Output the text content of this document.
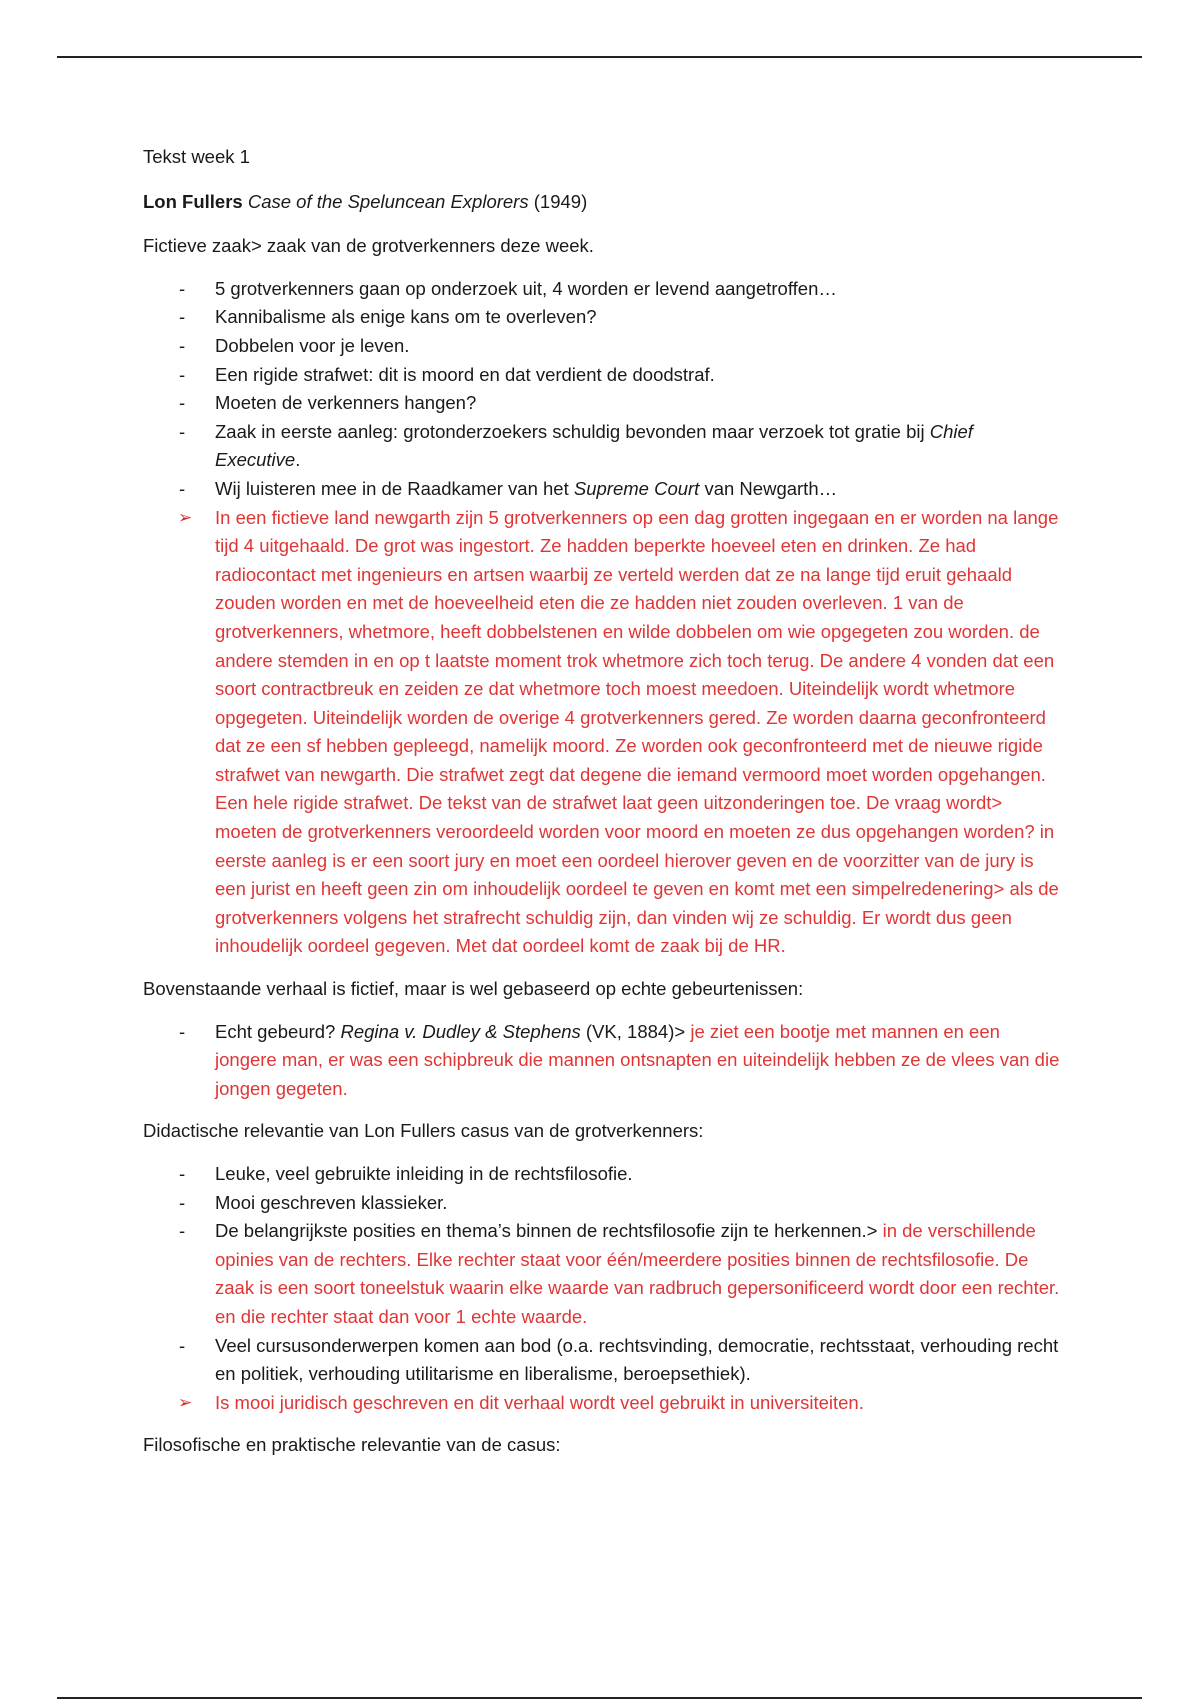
Tekst week 1

Lon Fullers Case of the Speluncean Explorers (1949)

Fictieve zaak> zaak van de grotverkenners deze week.

-	5 grotverkenners gaan op onderzoek uit, 4 worden er levend aangetroffen…
-	Kannibalisme als enige kans om te overleven?
-	Dobbelen voor je leven.
-	Een rigide strafwet: dit is moord en dat verdient de doodstraf.
-	Moeten de verkenners hangen?
-	Zaak in eerste aanleg: grotonderzoekers schuldig bevonden maar verzoek tot gratie bij Chief Executive.
-	Wij luisteren mee in de Raadkamer van het Supreme Court van Newgarth…
➢	In een fictieve land newgarth zijn 5 grotverkenners op een dag grotten ingegaan en er worden na lange tijd 4 uitgehaald. De grot was ingestort. Ze hadden beperkte hoeveel eten en drinken. Ze had radiocontact met ingenieurs en artsen waarbij ze verteld werden dat ze na lange tijd eruit gehaald zouden worden en met de hoeveelheid eten die ze hadden niet zouden overleven. 1 van de grotverkenners, whetmore, heeft dobbelstenen en wilde dobbelen om wie opgegeten zou worden. de andere stemden in en op t laatste moment trok whetmore zich toch terug. De andere 4 vonden dat een soort contractbreuk en zeiden ze dat whetmore toch moest meedoen. Uiteindelijk wordt whetmore opgegeten. Uiteindelijk worden de overige 4 grotverkenners gered. Ze worden daarna geconfronteerd dat ze een sf hebben gepleegd, namelijk moord. Ze worden ook geconfronteerd met de nieuwe rigide strafwet van newgarth. Die strafwet zegt dat degene die iemand vermoord moet worden opgehangen. Een hele rigide strafwet. De tekst van de strafwet laat geen uitzonderingen toe. De vraag wordt> moeten de grotverkenners veroordeeld worden voor moord en moeten ze dus opgehangen worden? in eerste aanleg is er een soort jury en moet een oordeel hierover geven en de voorzitter van de jury is een jurist en heeft geen zin om inhoudelijk oordeel te geven en komt met een simpelredenering> als de grotverkenners volgens het strafrecht schuldig zijn, dan vinden wij ze schuldig. Er wordt dus geen inhoudelijk oordeel gegeven. Met dat oordeel komt de zaak bij de HR.

Bovenstaande verhaal is fictief, maar is wel gebaseerd op echte gebeurtenissen:

-	Echt gebeurd? Regina v. Dudley & Stephens (VK, 1884)> je ziet een bootje met mannen en een jongere man, er was een schipbreuk die mannen ontsnapten en uiteindelijk hebben ze de vlees van die jongen gegeten.

Didactische relevantie van Lon Fullers casus van de grotverkenners:

-	Leuke, veel gebruikte inleiding in de rechtsfilosofie.
-	Mooi geschreven klassieker.
-	De belangrijkste posities en thema’s binnen de rechtsfilosofie zijn te herkennen.> in de verschillende opinies van de rechters. Elke rechter staat voor één/meerdere posities binnen de rechtsfilosofie. De zaak is een soort toneelstuk waarin elke waarde van radbruch gepersonificeerd wordt door een rechter. en die rechter staat dan voor 1 echte waarde.
-	Veel cursusonderwerpen komen aan bod (o.a. rechtsvinding, democratie, rechtsstaat, verhouding recht en politiek, verhouding utilitarisme en liberalisme, beroepsethiek).
➢	Is mooi juridisch geschreven en dit verhaal wordt veel gebruikt in universiteiten.

Filosofische en praktische relevantie van de casus:
